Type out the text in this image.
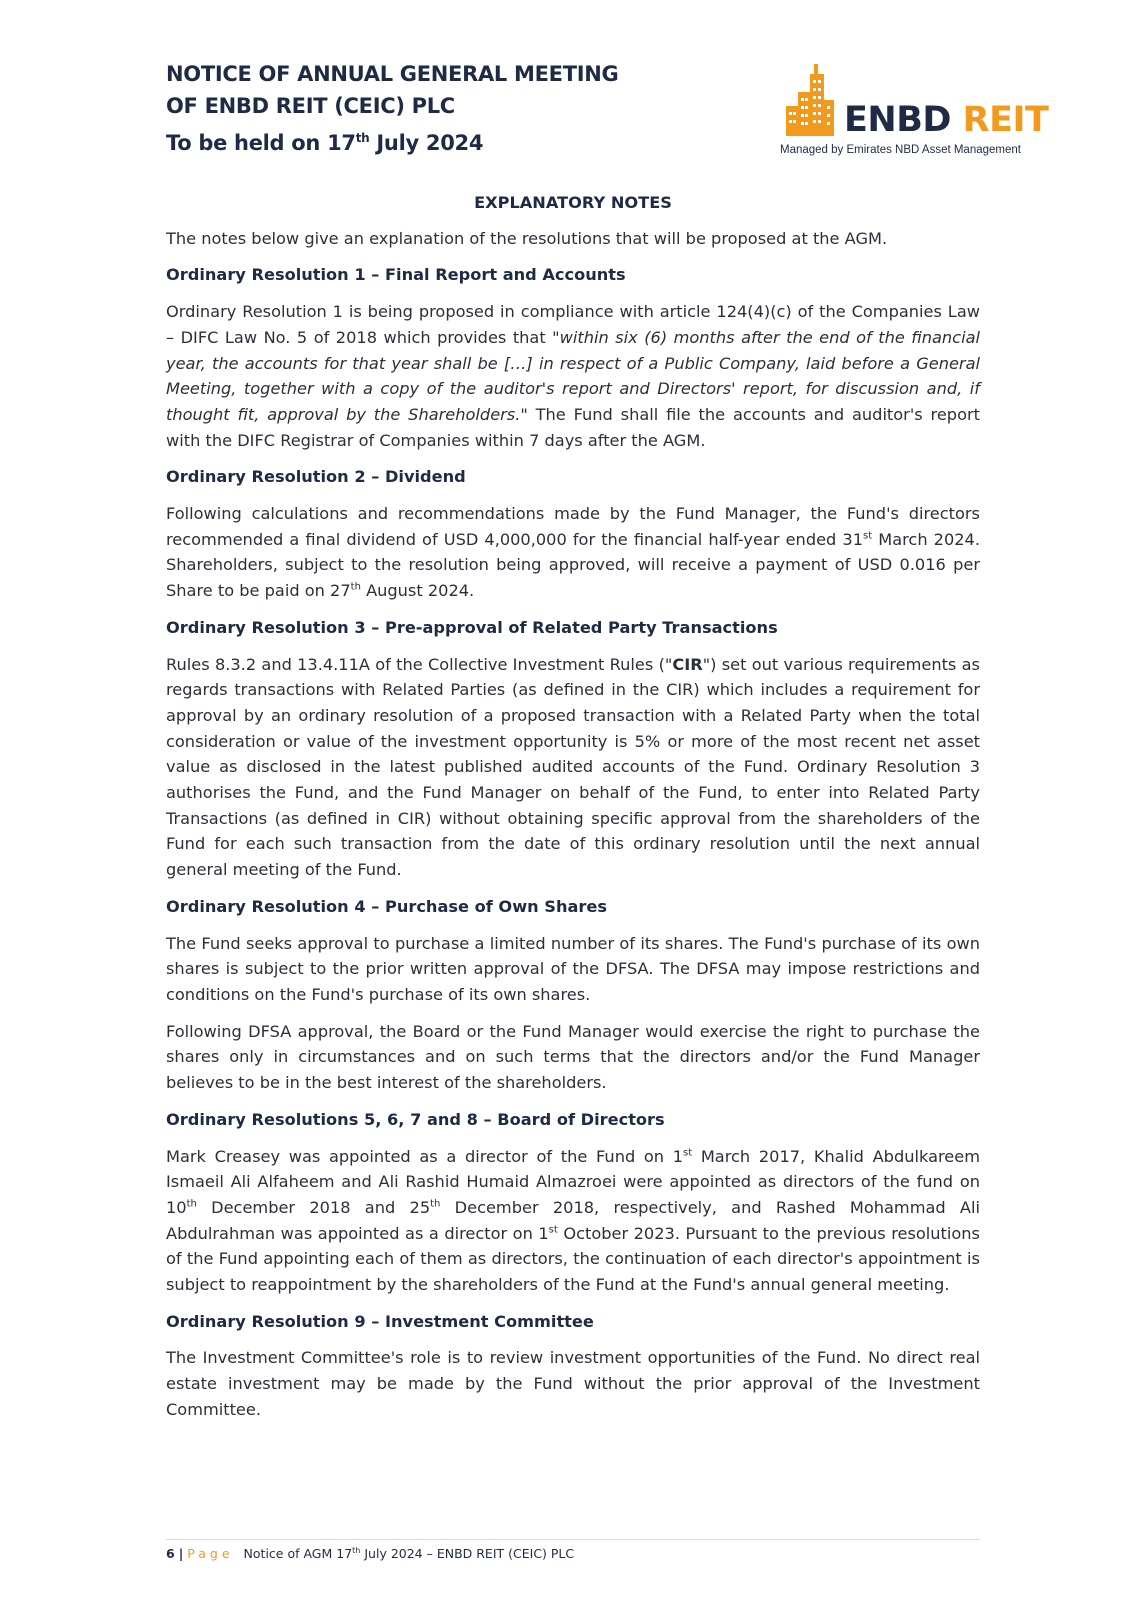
NOTICE OF ANNUAL GENERAL MEETING
OF ENBD REIT (CEIC) PLC
To be held on 17th July 2024
ENBD REIT
Managed by Emirates NBD Asset Management
EXPLANATORY NOTES

The notes below give an explanation of the resolutions that will be proposed at the AGM.

Ordinary Resolution 1 – Final Report and Accounts

Ordinary Resolution 1 is being proposed in compliance with article 124(4)(c) of the Companies Law – DIFC Law No. 5 of 2018 which provides that "within six (6) months after the end of the financial year, the accounts for that year shall be […] in respect of a Public Company, laid before a General Meeting, together with a copy of the auditor's report and Directors' report, for discussion and, if thought fit, approval by the Shareholders." The Fund shall file the accounts and auditor's report with the DIFC Registrar of Companies within 7 days after the AGM.

Ordinary Resolution 2 – Dividend

Following calculations and recommendations made by the Fund Manager, the Fund's directors recommended a final dividend of USD 4,000,000 for the financial half-year ended 31st March 2024. Shareholders, subject to the resolution being approved, will receive a payment of USD 0.016 per Share to be paid on 27th August 2024.

Ordinary Resolution 3 – Pre-approval of Related Party Transactions

Rules 8.3.2 and 13.4.11A of the Collective Investment Rules ("CIR") set out various requirements as regards transactions with Related Parties (as defined in the CIR) which includes a requirement for approval by an ordinary resolution of a proposed transaction with a Related Party when the total consideration or value of the investment opportunity is 5% or more of the most recent net asset value as disclosed in the latest published audited accounts of the Fund. Ordinary Resolution 3 authorises the Fund, and the Fund Manager on behalf of the Fund, to enter into Related Party Transactions (as defined in CIR) without obtaining specific approval from the shareholders of the Fund for each such transaction from the date of this ordinary resolution until the next annual general meeting of the Fund.

Ordinary Resolution 4 – Purchase of Own Shares

The Fund seeks approval to purchase a limited number of its shares. The Fund's purchase of its own shares is subject to the prior written approval of the DFSA. The DFSA may impose restrictions and conditions on the Fund's purchase of its own shares.

Following DFSA approval, the Board or the Fund Manager would exercise the right to purchase the shares only in circumstances and on such terms that the directors and/or the Fund Manager believes to be in the best interest of the shareholders.

Ordinary Resolutions 5, 6, 7 and 8 – Board of Directors

Mark Creasey was appointed as a director of the Fund on 1st March 2017, Khalid Abdulkareem Ismaeil Ali Alfaheem and Ali Rashid Humaid Almazroei were appointed as directors of the fund on 10th December 2018 and 25th December 2018, respectively, and Rashed Mohammad Ali Abdulrahman was appointed as a director on 1st October 2023. Pursuant to the previous resolutions of the Fund appointing each of them as directors, the continuation of each director's appointment is subject to reappointment by the shareholders of the Fund at the Fund's annual general meeting.

Ordinary Resolution 9 – Investment Committee

The Investment Committee's role is to review investment opportunities of the Fund. No direct real estate investment may be made by the Fund without the prior approval of the Investment Committee.

6 | Page Notice of AGM 17th July 2024 – ENBD REIT (CEIC) PLC
